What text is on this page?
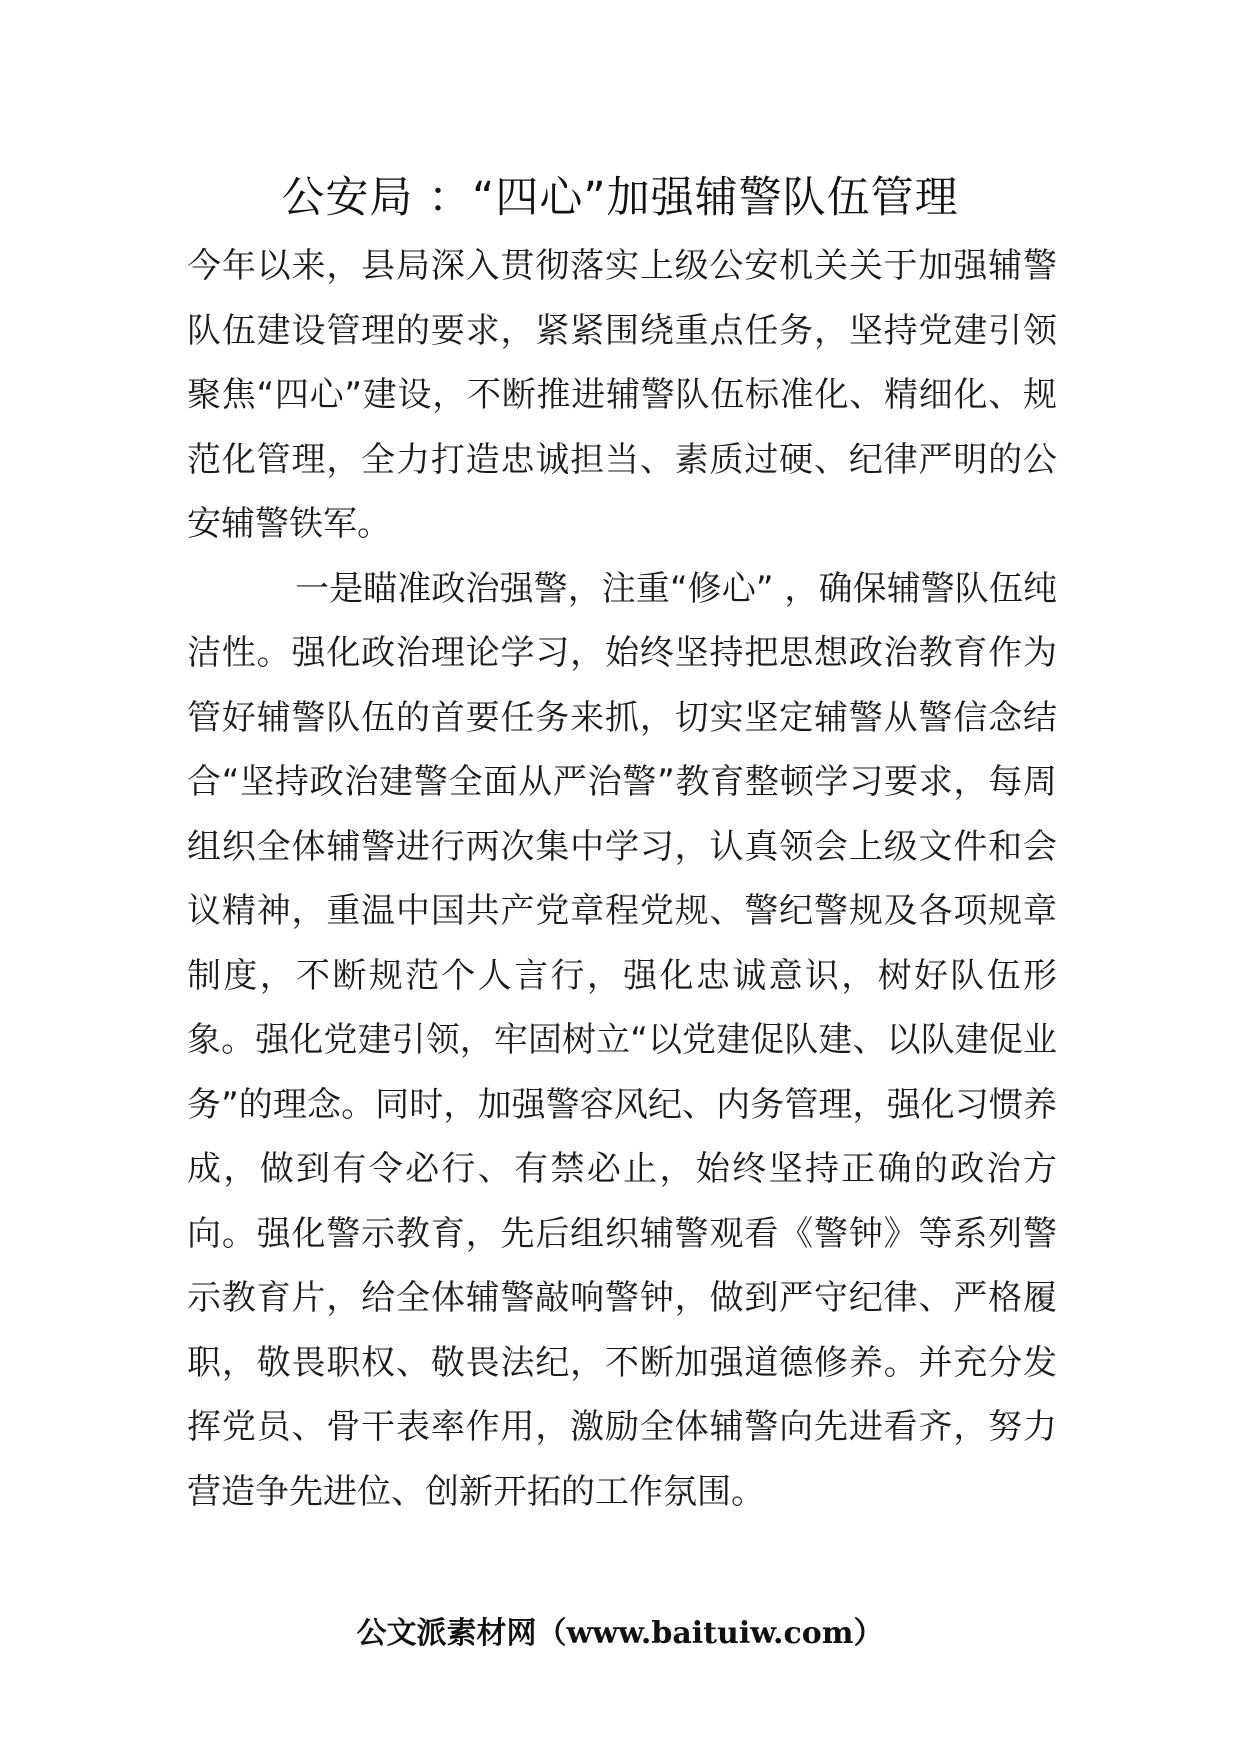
公安局 ：“四心”加强辅警队伍管理

今年以来，县局深入贯彻落实上级公安机关关于加强辅警队伍建设管理的要求，紧紧围绕重点任务，坚持党建引领聚焦“四心”建设，不断推进辅警队伍标准化、精细化、规范化管理，全力打造忠诚担当、素质过硬、纪律严明的公安辅警铁军。

一是瞄准政治强警，注重“修心” ，确保辅警队伍纯洁性。强化政治理论学习，始终坚持把思想政治教育作为管好辅警队伍的首要任务来抓，切实坚定辅警从警信念结合“坚持政治建警全面从严治警”教育整顿学习要求，每周组织全体辅警进行两次集中学习，认真领会上级文件和会议精神，重温中国共产党章程党规、警纪警规及各项规章制度，不断规范个人言行，强化忠诚意识，树好队伍形象。强化党建引领，牢固树立“以党建促队建、以队建促业务”的理念。同时，加强警容风纪、内务管理，强化习惯养成，做到有令必行、有禁必止，始终坚持正确的政治方向。强化警示教育，先后组织辅警观看《警钟》等系列警示教育片，给全体辅警敲响警钟，做到严守纪律、严格履职，敬畏职权、敬畏法纪，不断加强道德修养。并充分发挥党员、骨干表率作用，激励全体辅警向先进看齐，努力营造争先进位、创新开拓的工作氛围。

公文派素材网（www.baituiw.com）
